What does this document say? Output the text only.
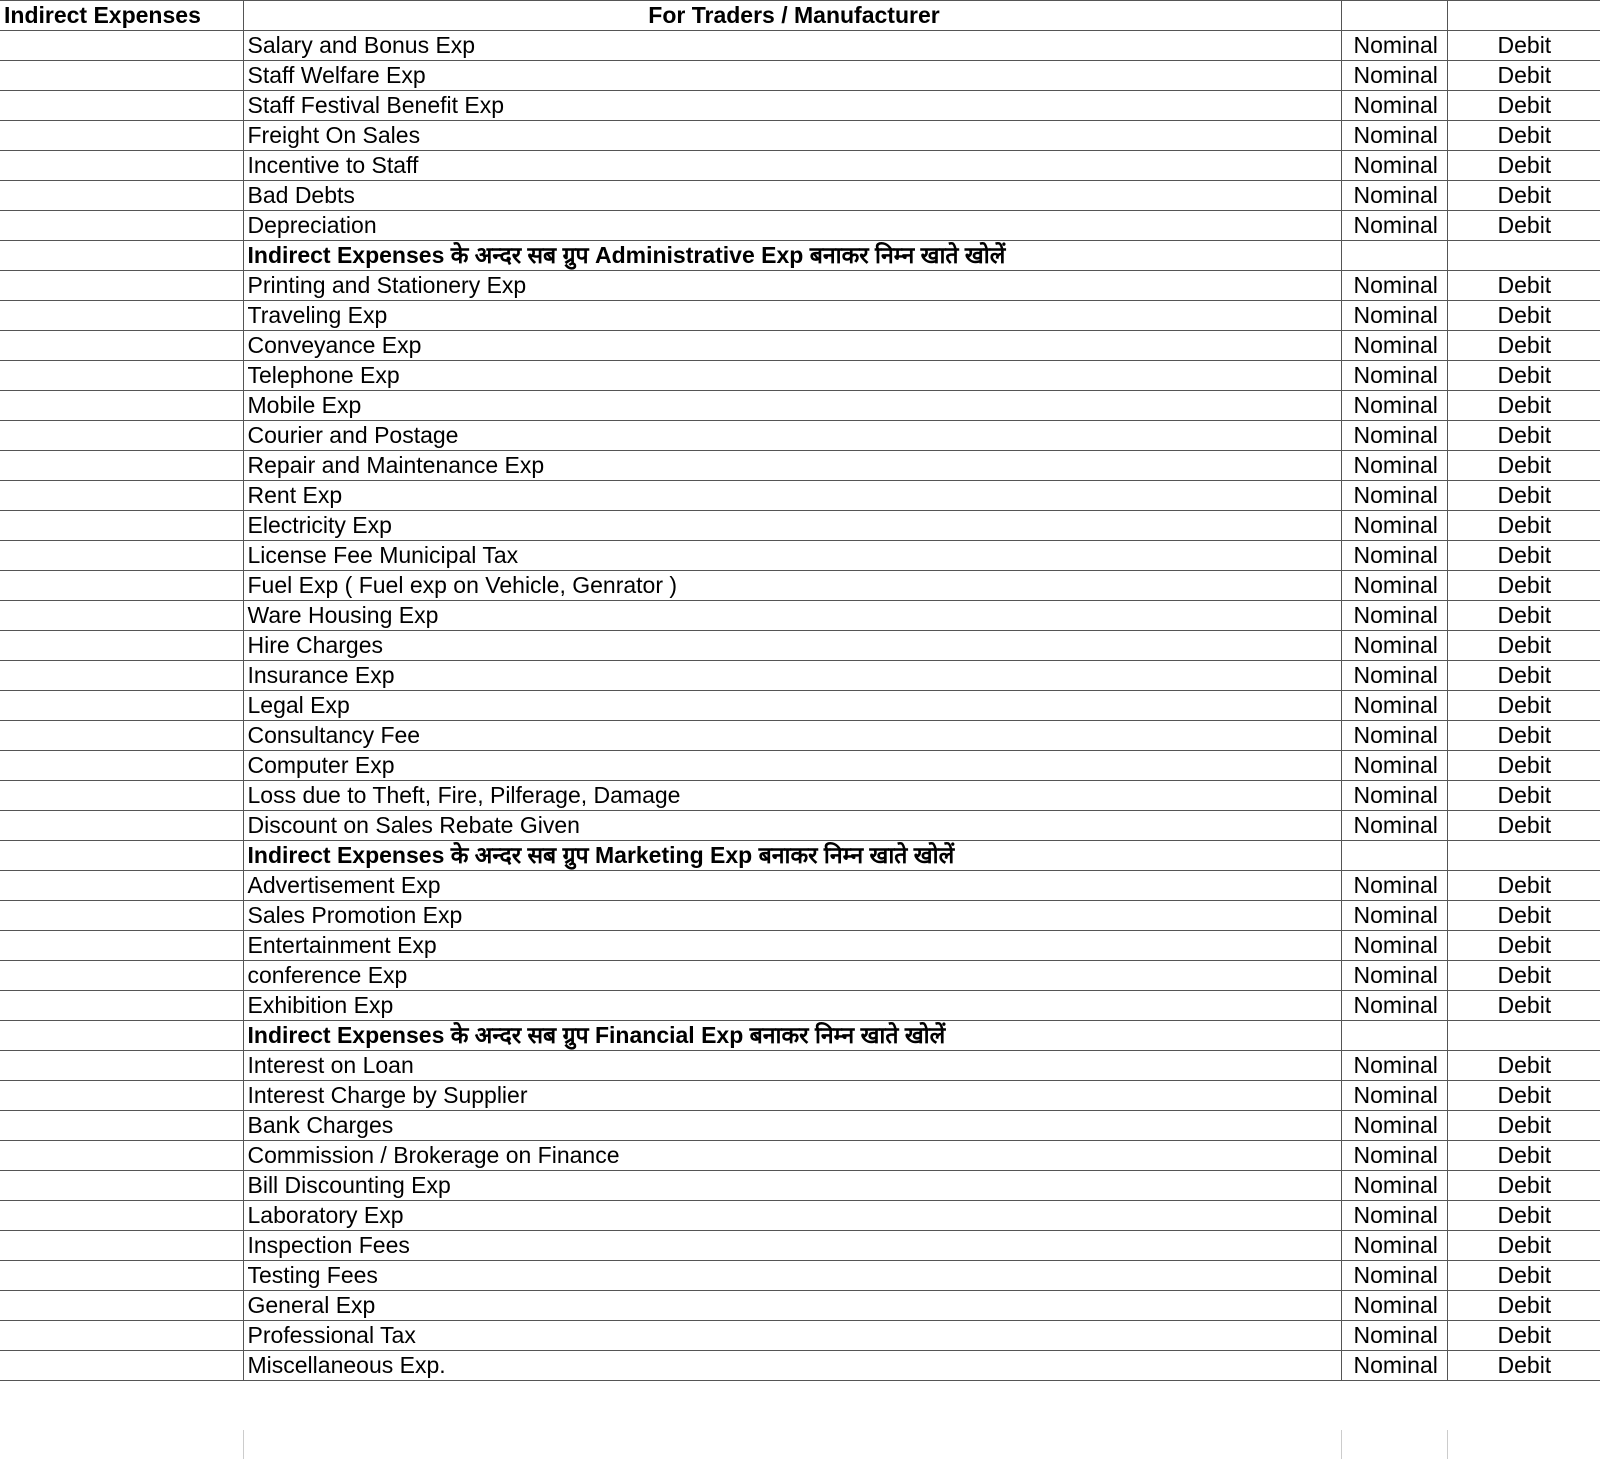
Indirect Expenses	For Traders / Manufacturer		
	Salary and Bonus Exp	Nominal	Debit
	Staff Welfare Exp	Nominal	Debit
	Staff Festival Benefit Exp	Nominal	Debit
	Freight On Sales	Nominal	Debit
	Incentive to Staff	Nominal	Debit
	Bad Debts	Nominal	Debit
	Depreciation	Nominal	Debit
	Indirect Expenses के अन्दर सब ग्रुप Administrative Exp बनाकर निम्न खाते खोलें		
	Printing and Stationery Exp	Nominal	Debit
	Traveling Exp	Nominal	Debit
	Conveyance Exp	Nominal	Debit
	Telephone Exp	Nominal	Debit
	Mobile Exp	Nominal	Debit
	Courier and Postage	Nominal	Debit
	Repair and Maintenance Exp	Nominal	Debit
	Rent Exp	Nominal	Debit
	Electricity Exp	Nominal	Debit
	License Fee Municipal Tax	Nominal	Debit
	Fuel Exp ( Fuel exp on Vehicle, Genrator )	Nominal	Debit
	Ware Housing Exp	Nominal	Debit
	Hire Charges	Nominal	Debit
	Insurance Exp	Nominal	Debit
	Legal Exp	Nominal	Debit
	Consultancy Fee	Nominal	Debit
	Computer Exp	Nominal	Debit
	Loss due to Theft, Fire, Pilferage, Damage	Nominal	Debit
	Discount on Sales Rebate Given	Nominal	Debit
	Indirect Expenses के अन्दर सब ग्रुप Marketing Exp बनाकर निम्न खाते खोलें		
	Advertisement Exp	Nominal	Debit
	Sales Promotion Exp	Nominal	Debit
	Entertainment Exp	Nominal	Debit
	conference Exp	Nominal	Debit
	Exhibition Exp	Nominal	Debit
	Indirect Expenses के अन्दर सब ग्रुप Financial Exp बनाकर निम्न खाते खोलें		
	Interest on Loan	Nominal	Debit
	Interest Charge by Supplier	Nominal	Debit
	Bank Charges	Nominal	Debit
	Commission / Brokerage on Finance	Nominal	Debit
	Bill Discounting Exp	Nominal	Debit
	Laboratory Exp	Nominal	Debit
	Inspection Fees	Nominal	Debit
	Testing Fees	Nominal	Debit
	General Exp	Nominal	Debit
	Professional Tax	Nominal	Debit
	Miscellaneous Exp.	Nominal	Debit
